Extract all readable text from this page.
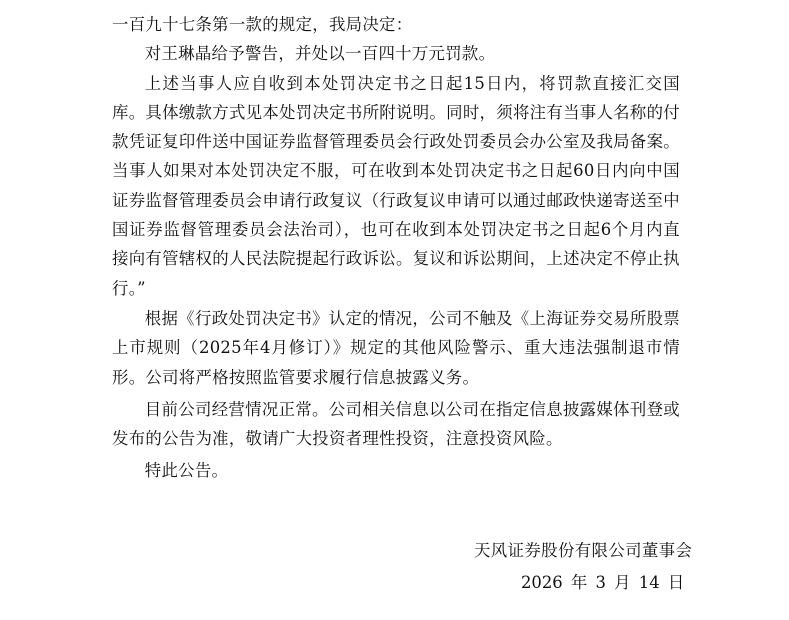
一百九十七条第一款的规定，我局决定：

对王琳晶给予警告，并处以一百四十万元罚款。

上述当事人应自收到本处罚决定书之日起15日内，将罚款直接汇交国库。具体缴款方式见本处罚决定书所附说明。同时，须将注有当事人名称的付款凭证复印件送中国证券监督管理委员会行政处罚委员会办公室及我局备案。当事人如果对本处罚决定不服，可在收到本处罚决定书之日起60日内向中国证券监督管理委员会申请行政复议（行政复议申请可以通过邮政快递寄送至中国证券监督管理委员会法治司），也可在收到本处罚决定书之日起6个月内直接向有管辖权的人民法院提起行政诉讼。复议和诉讼期间，上述决定不停止执行。”

根据《行政处罚决定书》认定的情况，公司不触及《上海证券交易所股票上市规则（2025年4月修订）》规定的其他风险警示、重大违法强制退市情形。公司将严格按照监管要求履行信息披露义务。

目前公司经营情况正常。公司相关信息以公司在指定信息披露媒体刊登或发布的公告为准，敬请广大投资者理性投资，注意投资风险。

特此公告。

天风证券股份有限公司董事会
2026 年 3 月 14 日
